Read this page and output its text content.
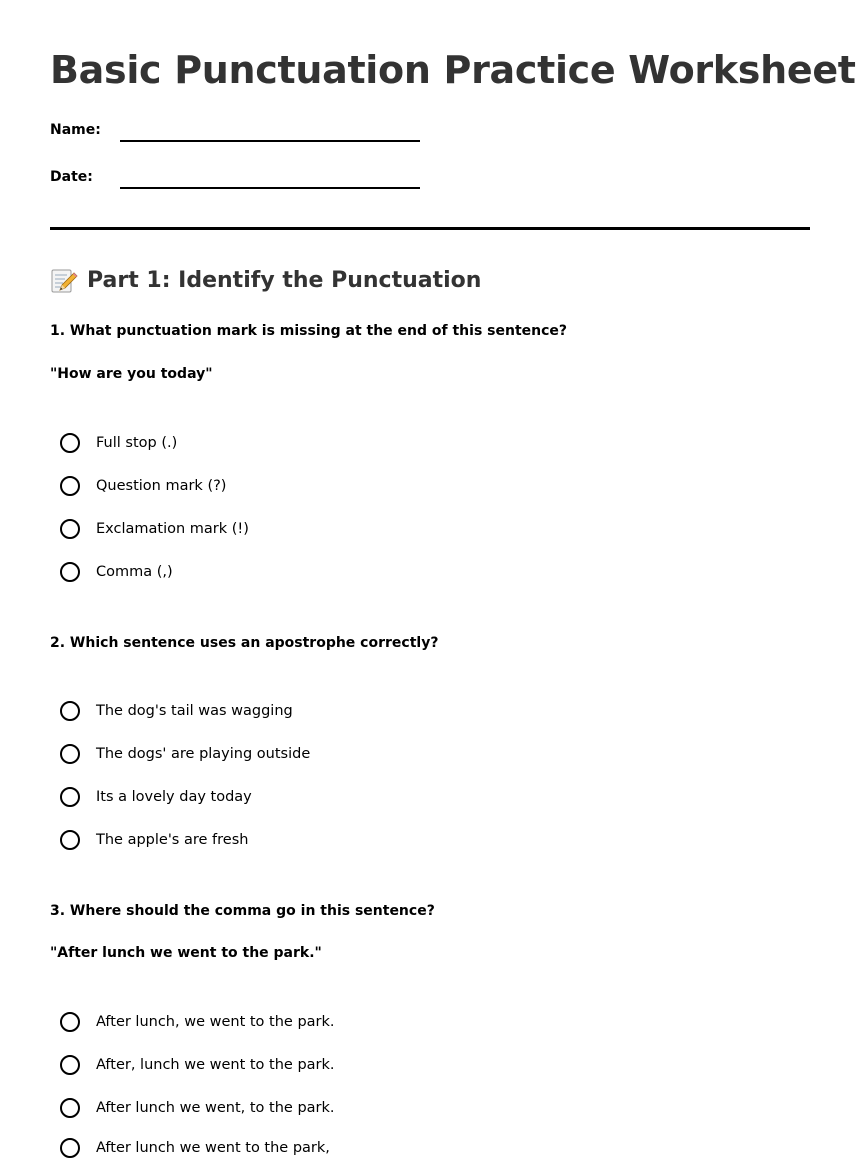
Basic Punctuation Practice Worksheet
Name:
Date:
Part 1: Identify the Punctuation

1. What punctuation mark is missing at the end of this sentence?

"How are you today"

Full stop (.)
Question mark (?)
Exclamation mark (!)
Comma (,)

2. Which sentence uses an apostrophe correctly?

The dog's tail was wagging
The dogs' are playing outside
Its a lovely day today
The apple's are fresh

3. Where should the comma go in this sentence?

"After lunch we went to the park."

After lunch, we went to the park.
After, lunch we went to the park.
After lunch we went, to the park.
After lunch we went to the park,
